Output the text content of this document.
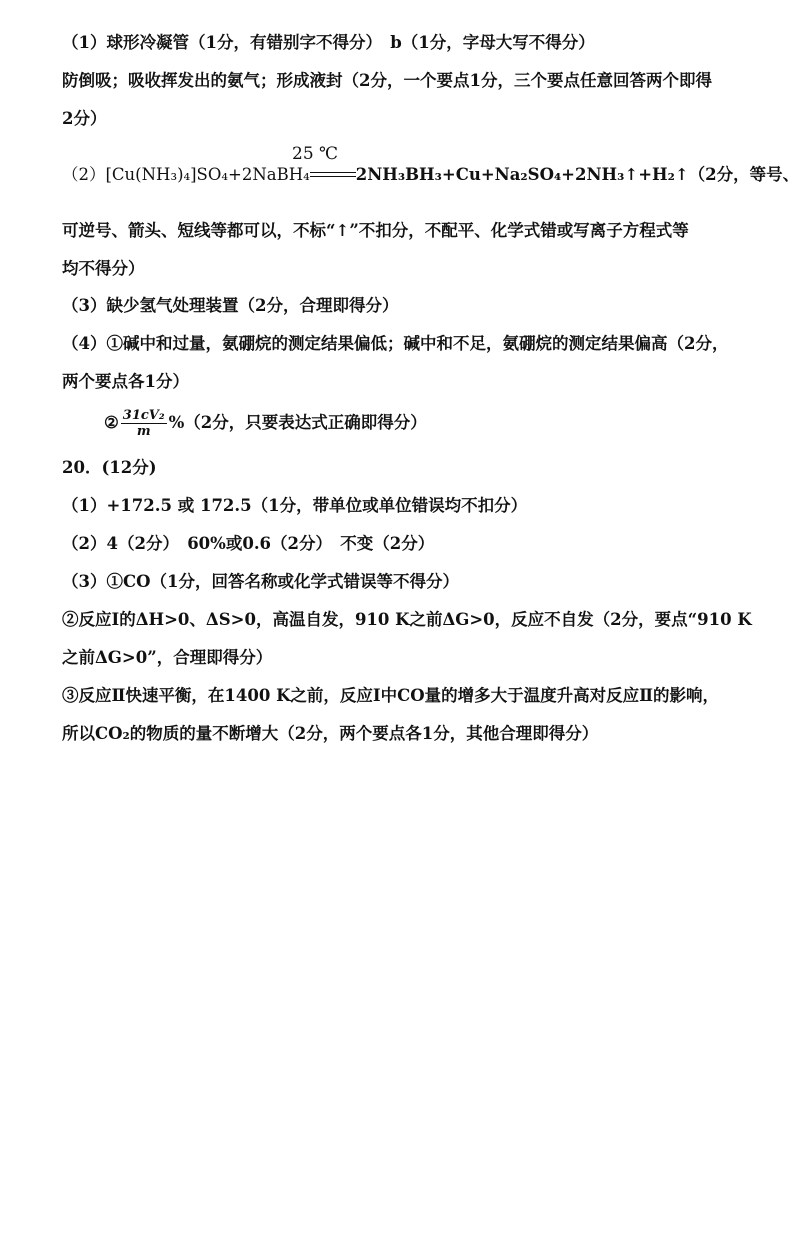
（1）球形冷凝管（1分，有错别字不得分）　b（1分，字母大写不得分）
防倒吸；吸收挥发出的氨气；形成液封（2分，一个要点1分，三个要点任意回答两个即得
2分）
25 ℃
（2）[Cu(NH₃)₄]SO₄+2NaBH₄	2NH₃BH₃+Cu+Na₂SO₄+2NH₃↑+H₂↑（2分，等号、
可逆号、箭头、短线等都可以，不标“↑”不扣分，不配平、化学式错或写离子方程式等
均不得分）
（3）缺少氢气处理装置（2分，合理即得分）
（4）①碱中和过量，氨硼烷的测定结果偏低；碱中和不足，氨硼烷的测定结果偏高（2分，
两个要点各1分）
② $\frac{\text{31cV₂}}{m} \%(2$分，只要表达式正确即得分）
20．(12分)
（1）+172.5 或 172.5（1分，带单位或单位错误均不扣分）
（2）4（2分）　60%或0.6（2分）　不变（2分）
（3）①CO（1分，回答名称或化学式错误等不得分）
②反应Ⅰ的ΔH>0、ΔS>0，高温自发，910 K之前ΔG>0，反应不自发（2分，要点“910 K
之前ΔG>0”，合理即得分）
③反应Ⅱ快速平衡，在1400 K之前，反应Ⅰ中CO量的增多大于温度升高对反应Ⅱ的影响，
所以CO₂的物质的量不断增大（2分，两个要点各1分，其他合理即得分）
